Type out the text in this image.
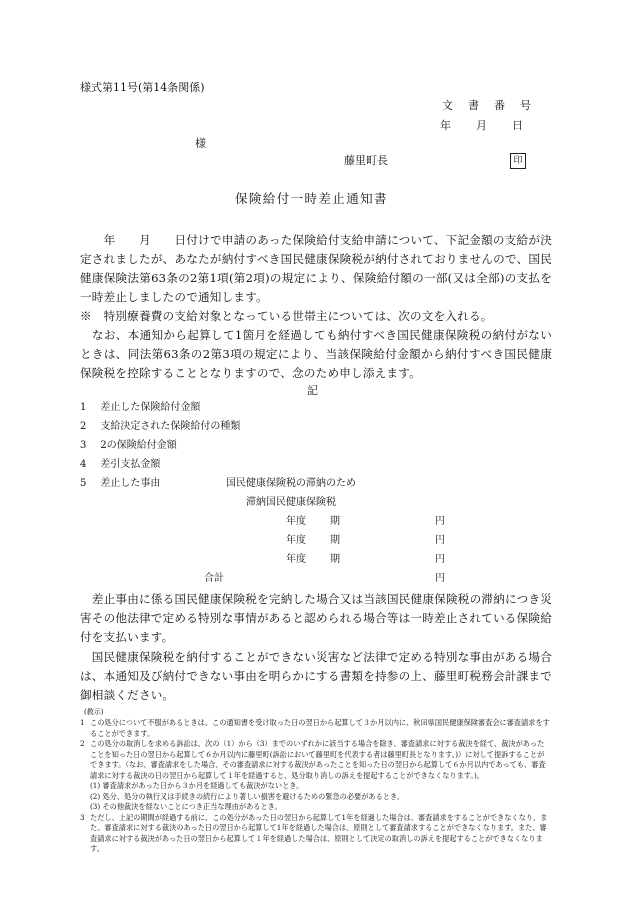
様式第11号(第14条関係)
文　書　番　号
年　　月　　日
様
藤里町長	印
保険給付一時差止通知書
　　年　　月　　日付けで申請のあった保険給付支給申請について、下記金額の支給が決定されましたが、あなたが納付すべき国民健康保険税が納付されておりませんので、国民健康保険法第63条の2第1項(第2項)の規定により、保険給付額の一部(又は全部)の支払を一時差止しましたので通知します。
※　特別療養費の支給対象となっている世帯主については、次の文を入れる。
　なお、本通知から起算して1箇月を経過しても納付すべき国民健康保険税の納付がないときは、同法第63条の2第3項の規定により、当該保険給付金額から納付すべき国民健康保険税を控除することとなりますので、念のため申し添えます。
記
1 差止した保険給付金額
2 支給決定された保険給付の種類
3 2の保険給付金額
4 差引支払金額
5 差止した事由	国民健康保険税の滞納のため
滞納国民健康保険税
年度 期	円
年度 期	円
年度 期	円
合計	円
　差止事由に係る国民健康保険税を完納した場合又は当該国民健康保険税の滞納につき災害その他法律で定める特別な事情があると認められる場合等は一時差止されている保険給付を支払います。
　国民健康保険税を納付することができない災害など法律で定める特別な事由がある場合は、本通知及び納付できない事由を明らかにする書類を持参の上、藤里町税務会計課まで御相談ください。
(教示)
1 この処分について不服があるときは、この通知書を受け取った日の翌日から起算して３か月以内に、秋田県国民健康保険審査会に審査請求をすることができます。
2 この処分の取消しを求める訴訟は、次の（1）から（3）までのいずれかに該当する場合を除き、審査請求に対する裁決を経て、裁決があったことを知った日の翌日から起算して６か月以内に藤里町(訴訟において藤里町を代表する者は藤里町長となります。)）に対して提訴することができます。（なお、審査請求をした場合、その審査請求に対する裁決があったことを知った日の翌日から起算して６か月以内であっても、審査請求に対する裁決の日の翌日から起算して１年を経過すると、処分取り消しの訴えを提起することができなくなります。)。
(1) 審査請求があった日から３か月を経過しても裁決がないとき。
(2) 処分、処分の執行又は手続きの続行により著しい損害を避けるための緊急の必要があるとき。
(3) その他裁決を経ないことにつき正当な理由があるとき。
3 ただし、上記の期間が経過する前に、この処分があった日の翌日から起算して1年を経過した場合は、審査請求をすることができなくなり、また、審査請求に対する裁決のあった日の翌日から起算して1年を経過した場合は、原則として審査請求することができなくなります。また、審査請求に対する裁決があった日の翌日から起算して１年を経過した場合は、原則として決定の取消しの訴えを提起することができなくなります。
